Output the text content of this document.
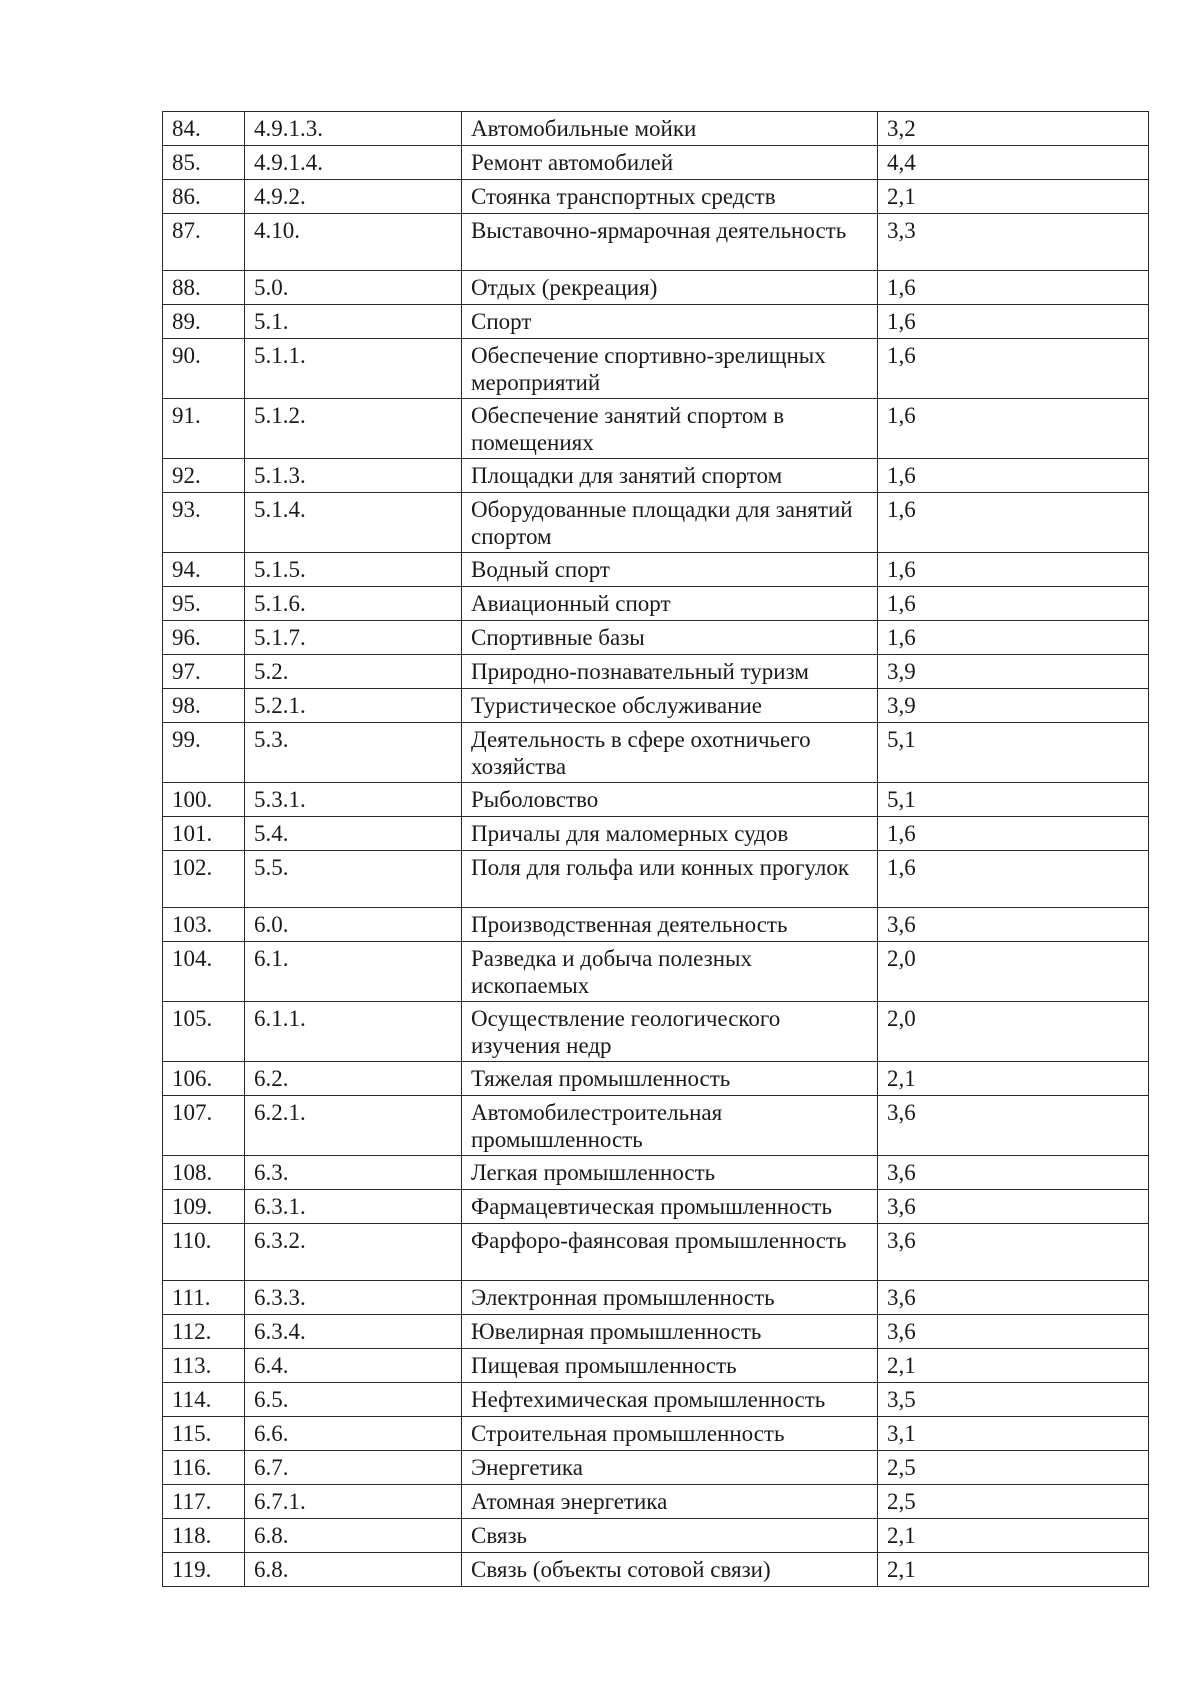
84.	4.9.1.3.	Автомобильные мойки	3,2
85.	4.9.1.4.	Ремонт автомобилей	4,4
86.	4.9.2.	Стоянка транспортных средств	2,1
87.	4.10.	Выставочно-ярмарочная деятельность	3,3
88.	5.0.	Отдых (рекреация)	1,6
89.	5.1.	Спорт	1,6
90.	5.1.1.	Обеспечение спортивно-зрелищных мероприятий	1,6
91.	5.1.2.	Обеспечение занятий спортом в помещениях	1,6
92.	5.1.3.	Площадки для занятий спортом	1,6
93.	5.1.4.	Оборудованные площадки для занятий спортом	1,6
94.	5.1.5.	Водный спорт	1,6
95.	5.1.6.	Авиационный спорт	1,6
96.	5.1.7.	Спортивные базы	1,6
97.	5.2.	Природно-познавательный туризм	3,9
98.	5.2.1.	Туристическое обслуживание	3,9
99.	5.3.	Деятельность в сфере охотничьего хозяйства	5,1
100.	5.3.1.	Рыболовство	5,1
101.	5.4.	Причалы для маломерных судов	1,6
102.	5.5.	Поля для гольфа или конных прогулок	1,6
103.	6.0.	Производственная деятельность	3,6
104.	6.1.	Разведка и добыча полезных ископаемых	2,0
105.	6.1.1.	Осуществление геологического изучения недр	2,0
106.	6.2.	Тяжелая промышленность	2,1
107.	6.2.1.	Автомобилестроительная промышленность	3,6
108.	6.3.	Легкая промышленность	3,6
109.	6.3.1.	Фармацевтическая промышленность	3,6
110.	6.3.2.	Фарфоро-фаянсовая промышленность	3,6
111.	6.3.3.	Электронная промышленность	3,6
112.	6.3.4.	Ювелирная промышленность	3,6
113.	6.4.	Пищевая промышленность	2,1
114.	6.5.	Нефтехимическая промышленность	3,5
115.	6.6.	Строительная промышленность	3,1
116.	6.7.	Энергетика	2,5
117.	6.7.1.	Атомная энергетика	2,5
118.	6.8.	Связь	2,1
119.	6.8.	Связь (объекты сотовой связи)	2,1
